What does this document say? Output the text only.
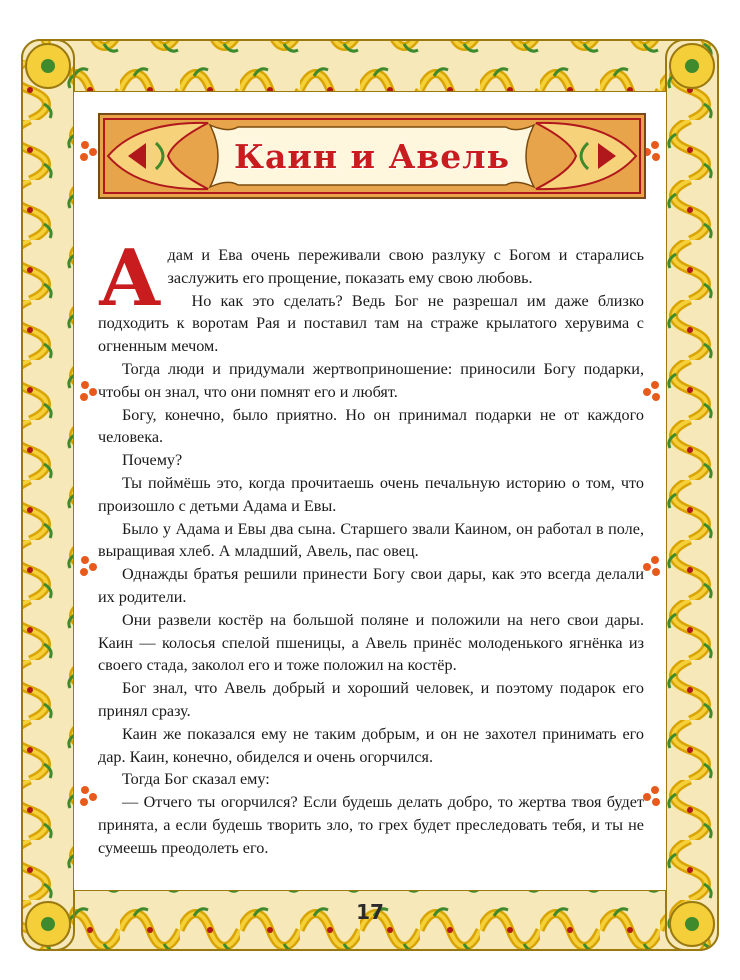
Каин и Авель

Адам и Ева очень переживали свою разлуку с Богом и старались заслужить его прощение, показать ему свою любовь.

Но как это сделать? Ведь Бог не разрешал им даже близко подходить к воротам Рая и поставил там на страже крылатого херувима с огненным мечом.

Тогда люди и придумали жертвоприношение: приносили Богу подарки, чтобы он знал, что они помнят его и любят.

Богу, конечно, было приятно. Но он принимал подарки не от каждого человека.

Почему?

Ты поймёшь это, когда прочитаешь очень печальную историю о том, что произошло с детьми Адама и Евы.

Было у Адама и Евы два сына. Старшего звали Каином, он работал в поле, выращивая хлеб. А младший, Авель, пас овец.

Однажды братья решили принести Богу свои дары, как это всегда делали их родители.

Они развели костёр на большой поляне и положили на него свои дары. Каин — колосья спелой пшеницы, а Авель принёс молоденького ягнёнка из своего стада, заколол его и тоже положил на костёр.

Бог знал, что Авель добрый и хороший человек, и поэтому подарок его принял сразу.

Каин же показался ему не таким добрым, и он не захотел принимать его дар. Каин, конечно, обиделся и очень огорчился.

Тогда Бог сказал ему:

— Отчего ты огорчился? Если будешь делать добро, то жертва твоя будет принята, а если будешь творить зло, то грех будет преследовать тебя, и ты не сумеешь преодолеть его.

17
